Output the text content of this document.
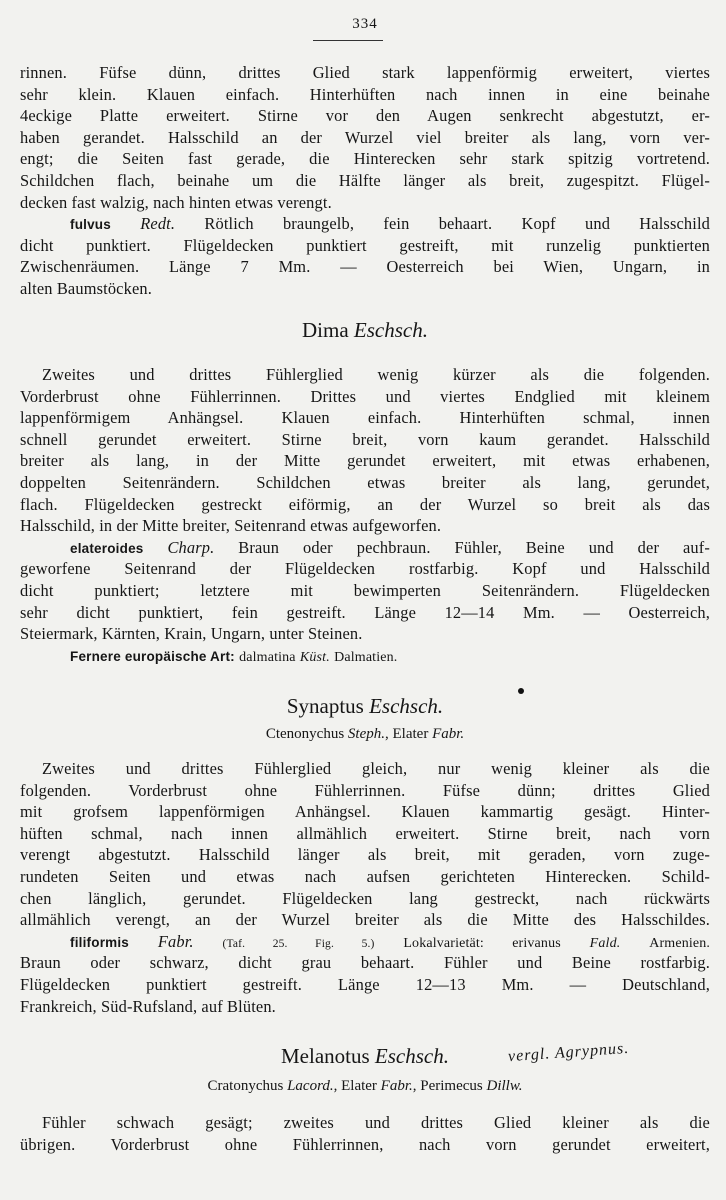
334
rinnen. Füfse dünn, drittes Glied stark lappenförmig erweitert, viertes
sehr klein. Klauen einfach. Hinterhüften nach innen in eine beinahe
4eckige Platte erweitert. Stirne vor den Augen senkrecht abgestutzt, er-
haben gerandet. Halsschild an der Wurzel viel breiter als lang, vorn ver-
engt; die Seiten fast gerade, die Hinterecken sehr stark spitzig vortretend.
Schildchen flach, beinahe um die Hälfte länger als breit, zugespitzt. Flügel-
decken fast walzig, nach hinten etwas verengt.
fulvus Redt. Rötlich braungelb, fein behaart. Kopf und Halsschild
dicht punktiert. Flügeldecken punktiert gestreift, mit runzelig punktierten
Zwischenräumen. Länge 7 Mm. — Oesterreich bei Wien, Ungarn, in
alten Baumstöcken.
Dima Eschsch.
Zweites und drittes Fühlerglied wenig kürzer als die folgenden.
Vorderbrust ohne Fühlerrinnen. Drittes und viertes Endglied mit kleinem
lappenförmigem Anhängsel. Klauen einfach. Hinterhüften schmal, innen
schnell gerundet erweitert. Stirne breit, vorn kaum gerandet. Halsschild
breiter als lang, in der Mitte gerundet erweitert, mit etwas erhabenen,
doppelten Seitenrändern. Schildchen etwas breiter als lang, gerundet,
flach. Flügeldecken gestreckt eiförmig, an der Wurzel so breit als das
Halsschild, in der Mitte breiter, Seitenrand etwas aufgeworfen.
elateroides Charp. Braun oder pechbraun. Fühler, Beine und der auf-
geworfene Seitenrand der Flügeldecken rostfarbig. Kopf und Halsschild
dicht punktiert; letztere mit bewimperten Seitenrändern. Flügeldecken
sehr dicht punktiert, fein gestreift. Länge 12—14 Mm. — Oesterreich,
Steiermark, Kärnten, Krain, Ungarn, unter Steinen.
Fernere europäische Art: dalmatina Küst. Dalmatien.
Synaptus Eschsch.
Ctenonychus Steph., Elater Fabr.
Zweites und drittes Fühlerglied gleich, nur wenig kleiner als die
folgenden. Vorderbrust ohne Fühlerrinnen. Füfse dünn; drittes Glied
mit grofsem lappenförmigen Anhängsel. Klauen kammartig gesägt. Hinter-
hüften schmal, nach innen allmählich erweitert. Stirne breit, nach vorn
verengt abgestutzt. Halsschild länger als breit, mit geraden, vorn zuge-
rundeten Seiten und etwas nach aufsen gerichteten Hinterecken. Schild-
chen länglich, gerundet. Flügeldecken lang gestreckt, nach rückwärts
allmählich verengt, an der Wurzel breiter als die Mitte des Halsschildes.
filiformis Fabr.	(Taf. 25. Fig. 5.) Lokalvarietät: erivanus Fald. Armenien.
Braun oder schwarz, dicht grau behaart. Fühler und Beine rostfarbig.
Flügeldecken punktiert gestreift. Länge 12—13 Mm. — Deutschland,
Frankreich, Süd-Rufsland, auf Blüten.
Melanotus Eschsch.	vergl. Agrypnus.
Cratonychus Lacord., Elater Fabr., Perimecus Dillw.
Fühler schwach gesägt; zweites und drittes Glied kleiner als die
übrigen. Vorderbrust ohne Fühlerrinnen, nach vorn gerundet erweitert,
